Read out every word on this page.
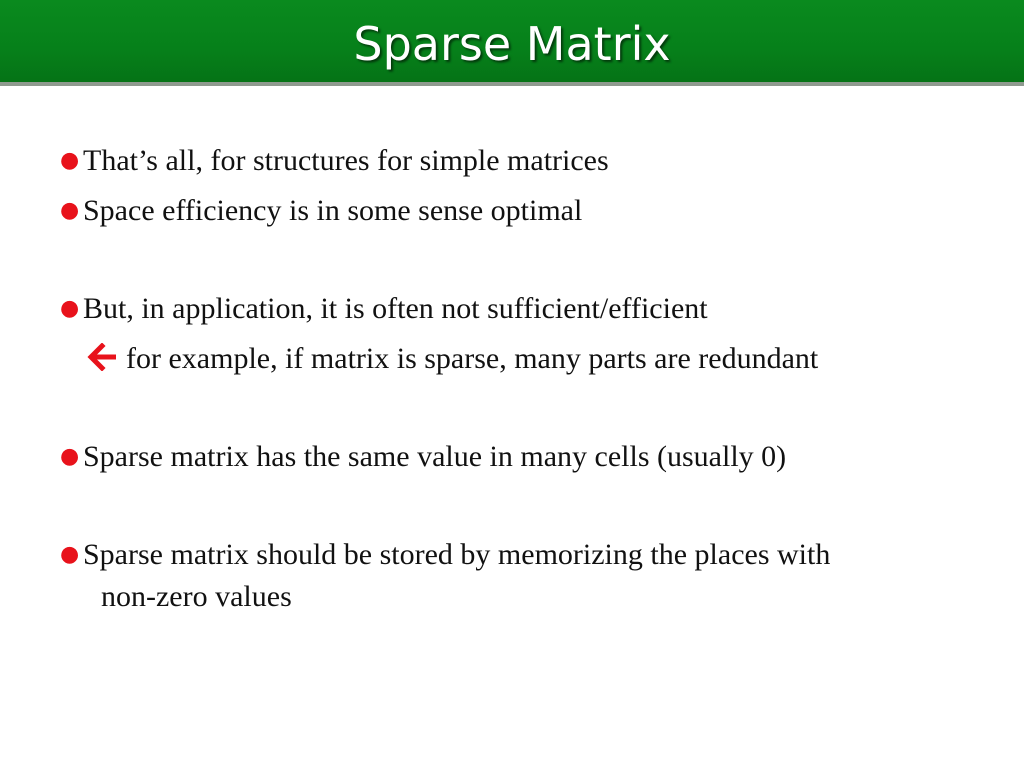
Sparse Matrix
● That’s all, for structures for simple matrices
● Space efficiency is in some sense optimal
● But, in application, it is often not sufficient/efficient
for example, if matrix is sparse, many parts are redundant
● Sparse matrix has the same value in many cells (usually 0)
● Sparse matrix should be stored by memorizing the places with
non-zero values
